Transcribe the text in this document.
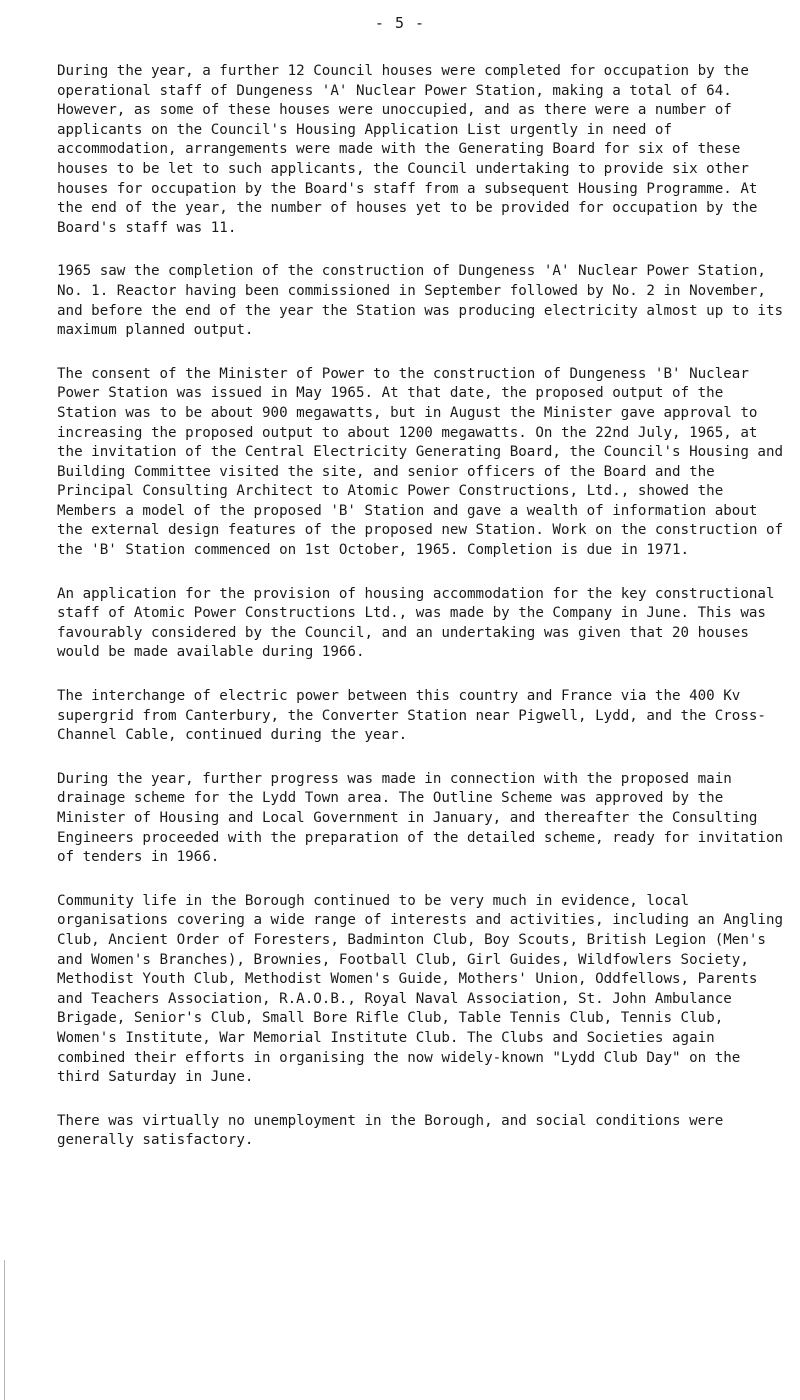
- 5 -

During the year, a further 12 Council houses were completed for occupation by the operational staff of Dungeness 'A' Nuclear Power Station, making a total of 64. However, as some of these houses were unoccupied, and as there were a number of applicants on the Council's Housing Application List urgently in need of accommodation, arrangements were made with the Generating Board for six of these houses to be let to such applicants, the Council undertaking to provide six other houses for occupation by the Board's staff from a subsequent Housing Programme. At the end of the year, the number of houses yet to be provided for occupation by the Board's staff was 11.

1965 saw the completion of the construction of Dungeness 'A' Nuclear Power Station, No. 1. Reactor having been commissioned in September followed by No. 2 in November, and before the end of the year the Station was producing electricity almost up to its maximum planned output.

The consent of the Minister of Power to the construction of Dungeness 'B' Nuclear Power Station was issued in May 1965. At that date, the proposed output of the Station was to be about 900 megawatts, but in August the Minister gave approval to increasing the proposed output to about 1200 megawatts. On the 22nd July, 1965, at the invitation of the Central Electricity Generating Board, the Council's Housing and Building Committee visited the site, and senior officers of the Board and the Principal Consulting Architect to Atomic Power Constructions, Ltd., showed the Members a model of the proposed 'B' Station and gave a wealth of information about the external design features of the proposed new Station. Work on the construction of the 'B' Station commenced on 1st October, 1965. Completion is due in 1971.

An application for the provision of housing accommodation for the key constructional staff of Atomic Power Constructions Ltd., was made by the Company in June. This was favourably considered by the Council, and an undertaking was given that 20 houses would be made available during 1966.

The interchange of electric power between this country and France via the 400 Kv supergrid from Canterbury, the Converter Station near Pigwell, Lydd, and the Cross-Channel Cable, continued during the year.

During the year, further progress was made in connection with the proposed main drainage scheme for the Lydd Town area. The Outline Scheme was approved by the Minister of Housing and Local Government in January, and thereafter the Consulting Engineers proceeded with the preparation of the detailed scheme, ready for invitation of tenders in 1966.

Community life in the Borough continued to be very much in evidence, local organisations covering a wide range of interests and activities, including an Angling Club, Ancient Order of Foresters, Badminton Club, Boy Scouts, British Legion (Men's and Women's Branches), Brownies, Football Club, Girl Guides, Wildfowlers Society, Methodist Youth Club, Methodist Women's Guide, Mothers' Union, Oddfellows, Parents and Teachers Association, R.A.O.B., Royal Naval Association, St. John Ambulance Brigade, Senior's Club, Small Bore Rifle Club, Table Tennis Club, Tennis Club, Women's Institute, War Memorial Institute Club. The Clubs and Societies again combined their efforts in organising the now widely-known "Lydd Club Day" on the third Saturday in June.

There was virtually no unemployment in the Borough, and social conditions were generally satisfactory.
